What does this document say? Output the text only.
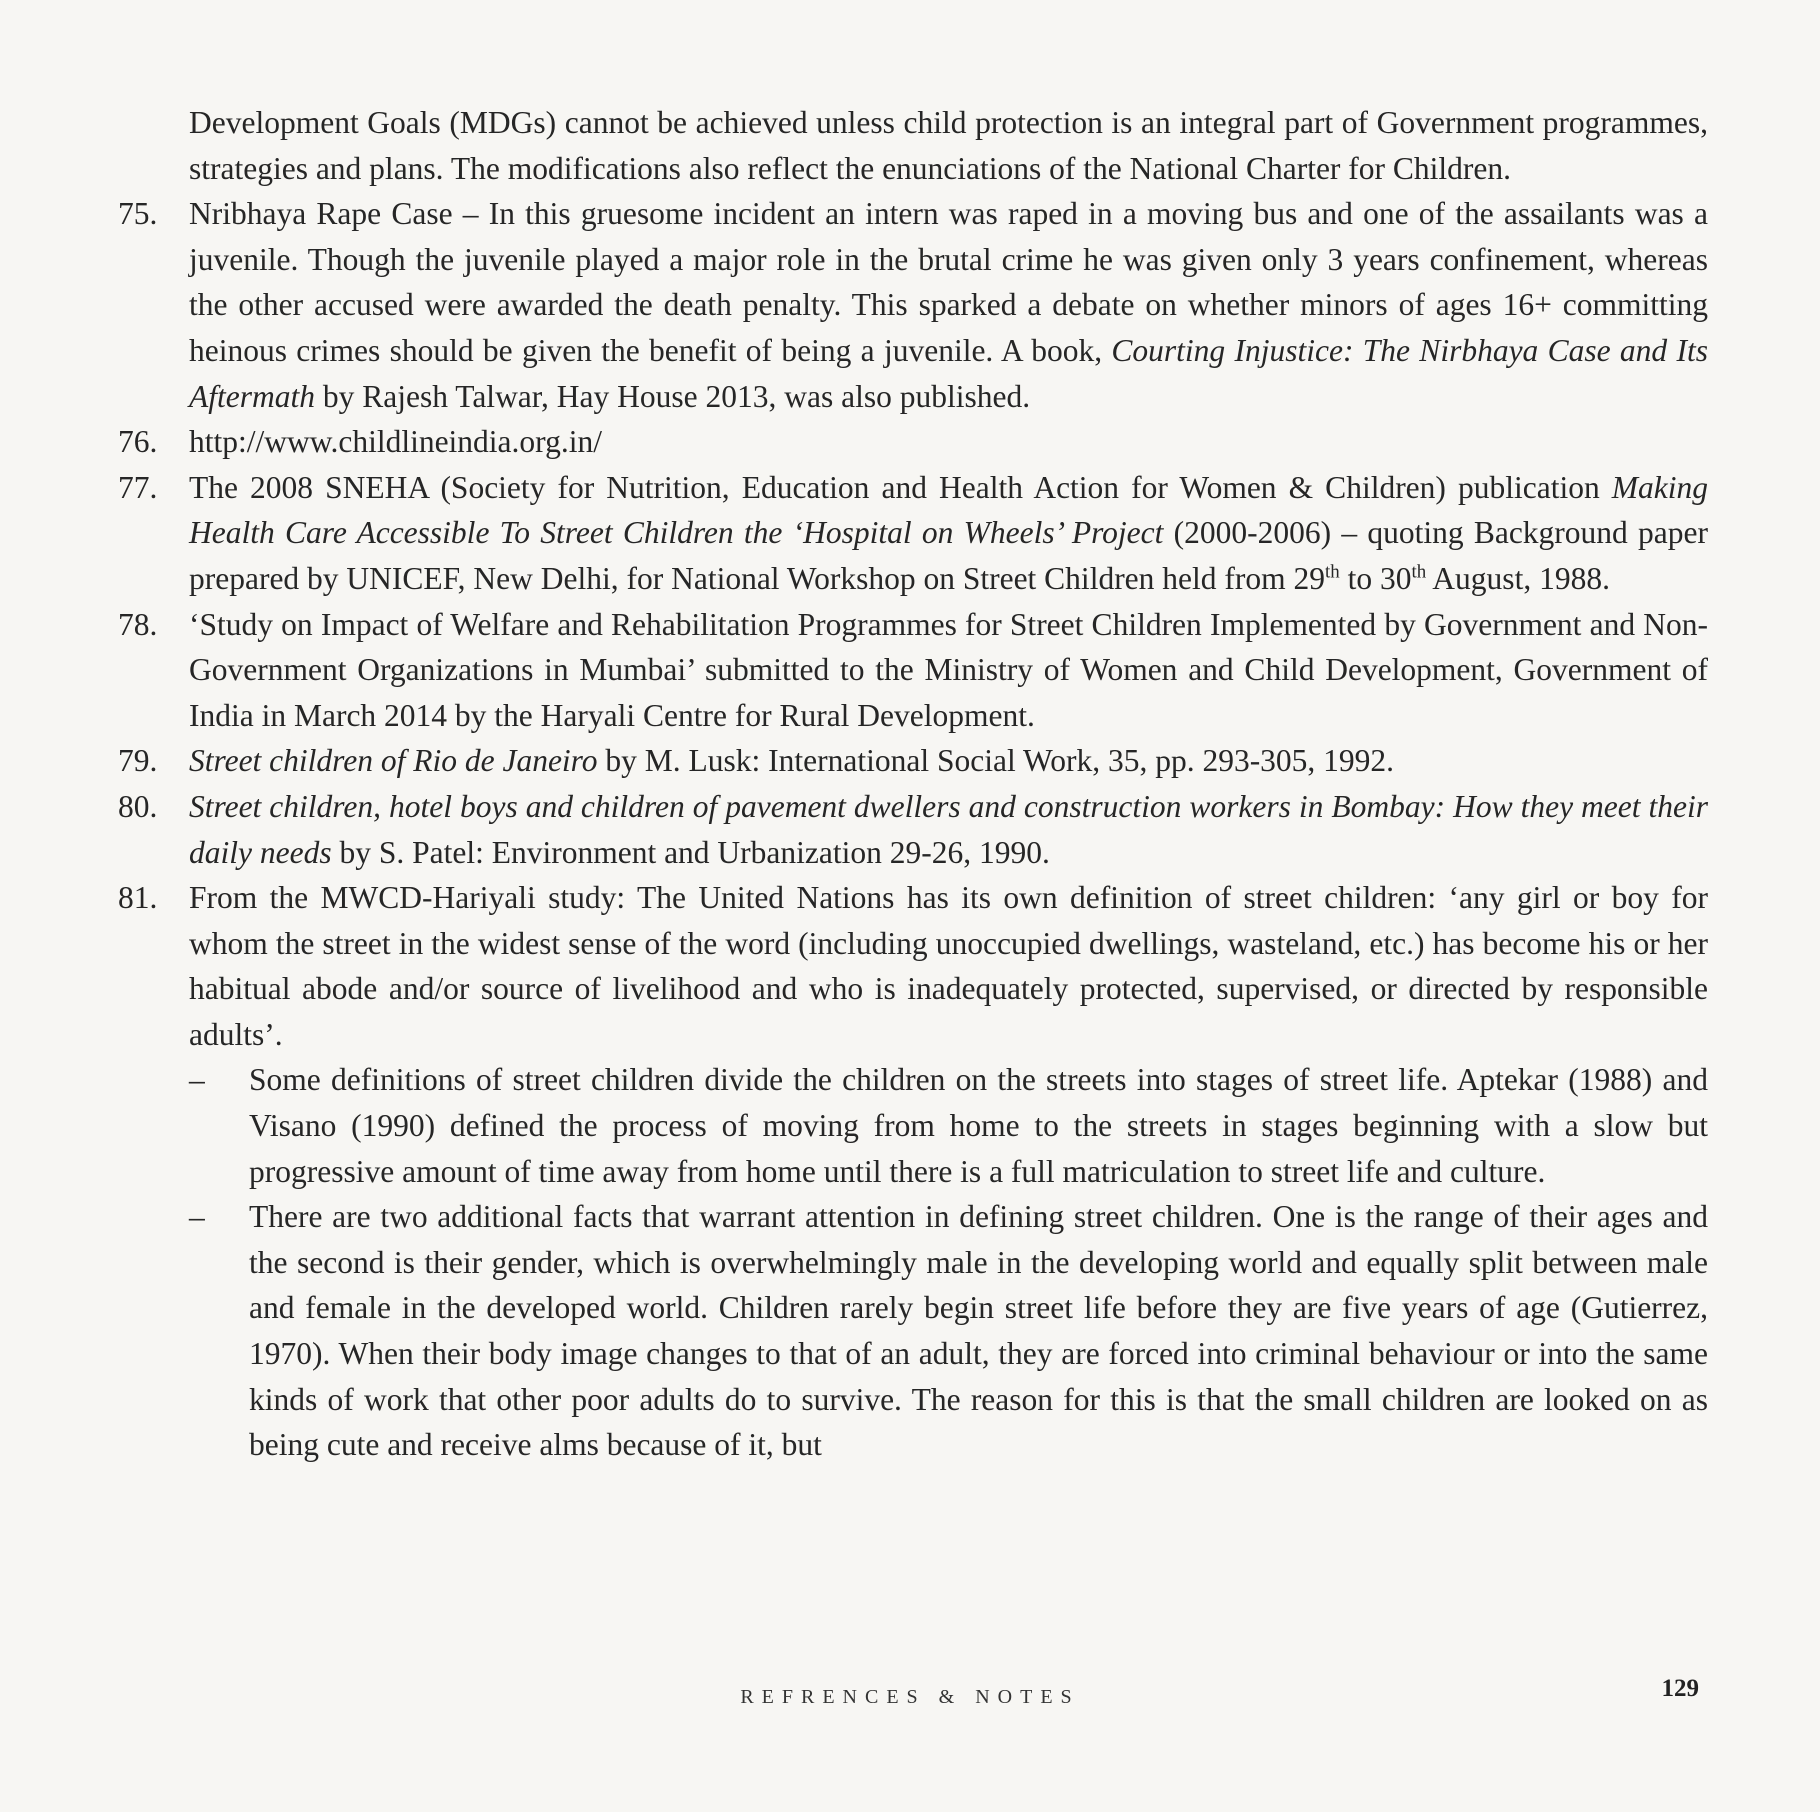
Development Goals (MDGs) cannot be achieved unless child protection is an integral part of Government programmes, strategies and plans. The modifications also reflect the enunciations of the National Charter for Children.
75.	Nribhaya Rape Case – In this gruesome incident an intern was raped in a moving bus and one of the assailants was a juvenile. Though the juvenile played a major role in the brutal crime he was given only 3 years confinement, whereas the other accused were awarded the death penalty. This sparked a debate on whether minors of ages 16+ committing heinous crimes should be given the benefit of being a juvenile. A book, Courting Injustice: The Nirbhaya Case and Its Aftermath by Rajesh Talwar, Hay House 2013, was also published.
76.	http://www.childlineindia.org.in/
77.	The 2008 SNEHA (Society for Nutrition, Education and Health Action for Women & Children) publication Making Health Care Accessible To Street Children the ‘Hospital on Wheels’ Project (2000-2006) – quoting Background paper prepared by UNICEF, New Delhi, for National Workshop on Street Children held from 29th to 30th August, 1988.
78.	‘Study on Impact of Welfare and Rehabilitation Programmes for Street Children Implemented by Government and Non-Government Organizations in Mumbai’ submitted to the Ministry of Women and Child Development, Government of India in March 2014 by the Haryali Centre for Rural Development.
79.	Street children of Rio de Janeiro by M. Lusk: International Social Work, 35, pp. 293-305, 1992.
80.	Street children, hotel boys and children of pavement dwellers and construction workers in Bombay: How they meet their daily needs by S. Patel: Environment and Urbanization 29-26, 1990.
81.	From the MWCD-Hariyali study: The United Nations has its own definition of street children: ‘any girl or boy for whom the street in the widest sense of the word (including unoccupied dwellings, wasteland, etc.) has become his or her habitual abode and/or source of livelihood and who is inadequately protected, supervised, or directed by responsible adults’.
–	Some definitions of street children divide the children on the streets into stages of street life. Aptekar (1988) and Visano (1990) defined the process of moving from home to the streets in stages beginning with a slow but progressive amount of time away from home until there is a full matriculation to street life and culture.
–	There are two additional facts that warrant attention in defining street children. One is the range of their ages and the second is their gender, which is overwhelmingly male in the developing world and equally split between male and female in the developed world. Children rarely begin street life before they are five years of age (Gutierrez, 1970). When their body image changes to that of an adult, they are forced into criminal behaviour or into the same kinds of work that other poor adults do to survive. The reason for this is that the small children are looked on as being cute and receive alms because of it, but
REFRENCES & NOTES	129
